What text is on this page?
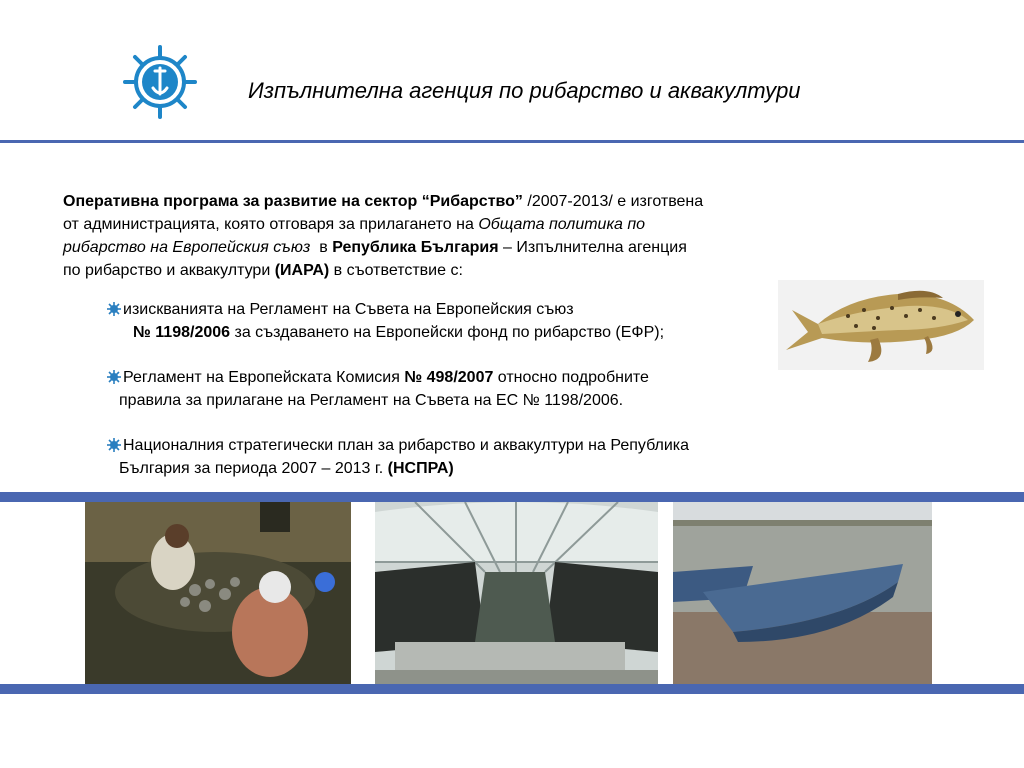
Изпълнителна агенция по рибарство и аквакултури

Оперативна програма за развитие на сектор “Рибарство” /2007-2013/ е изготвена

от администрацията, която отговаря за прилагането на Общата политика по

рибарство на Европейския съюз  в Република България – Изпълнителна агенция

по рибарство и аквакултури (ИАРА) в съответствие с:

изискванията на Регламент на Съвета на Европейския съюз

№ 1198/2006 за създаването на Европейски фонд по рибарство (ЕФР);

Регламент на Европейската Комисия № 498/2007 относно подробните

правила за прилагане на Регламент на Съвета на ЕС № 1198/2006.

Националния стратегически план за рибарство и аквакултури на Република

България за периода 2007 – 2013 г. (НСПРА)
